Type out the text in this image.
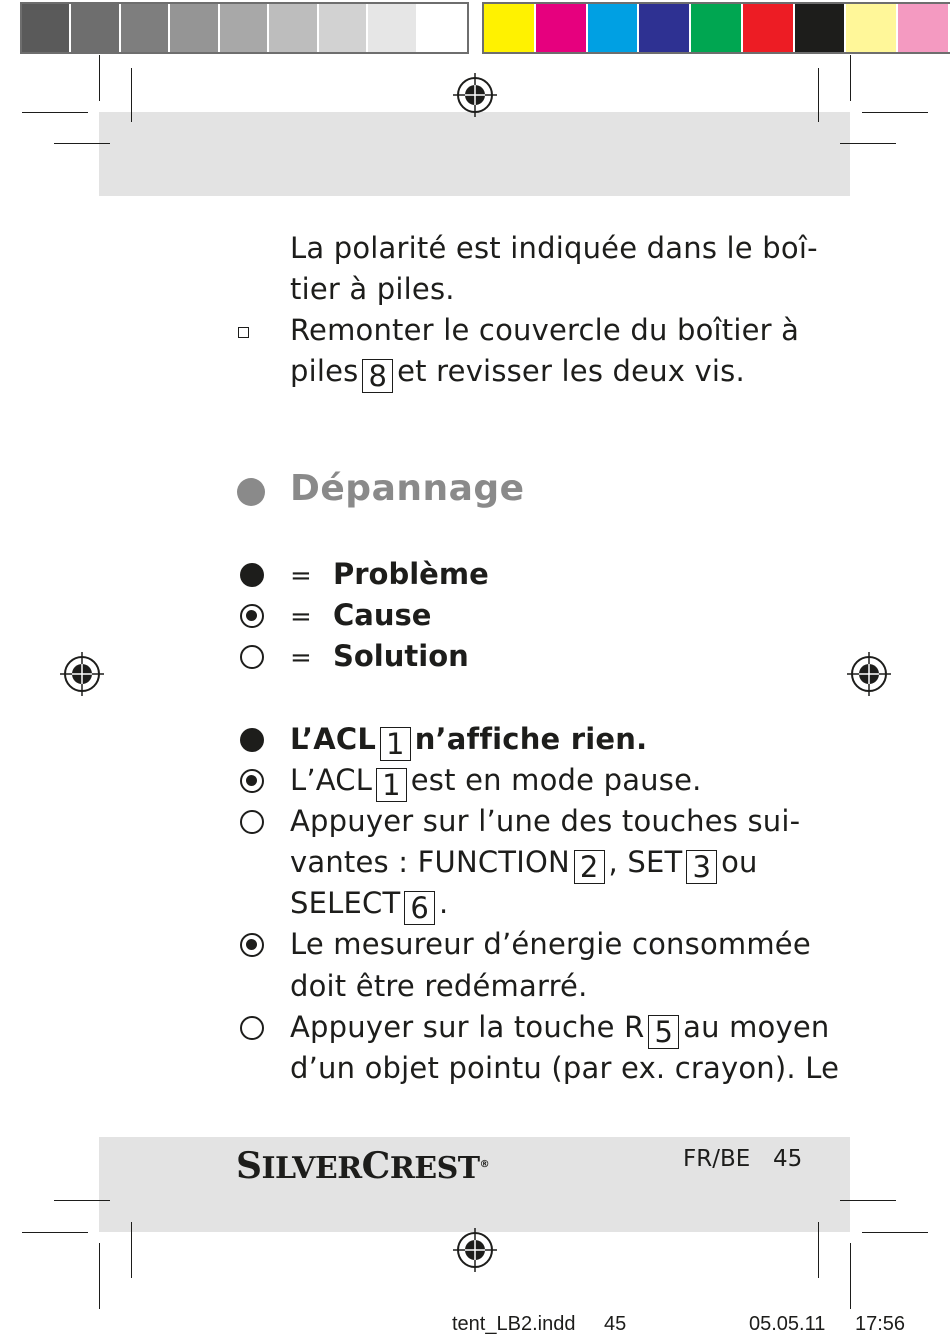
La polarité est indiquée dans le boî-
tier à piles.
Remonter le couvercle du boîtier à
piles 8 et revisser les deux vis.
Dépannage
= Problème
= Cause
= Solution
L’ACL 1 n’affiche rien.
L’ACL 1 est en mode pause.
Appuyer sur l’une des touches sui-
vantes : FUNCTION 2 , SET 3 ou
SELECT 6 .
Le mesureur d’énergie consommée
doit être redémarré.
Appuyer sur la touche R 5 au moyen
d’un objet pointu (par ex. crayon). Le
SILVERCREST®	FR/BE 45
tent_LB2.indd 45	05.05.11 17:56
